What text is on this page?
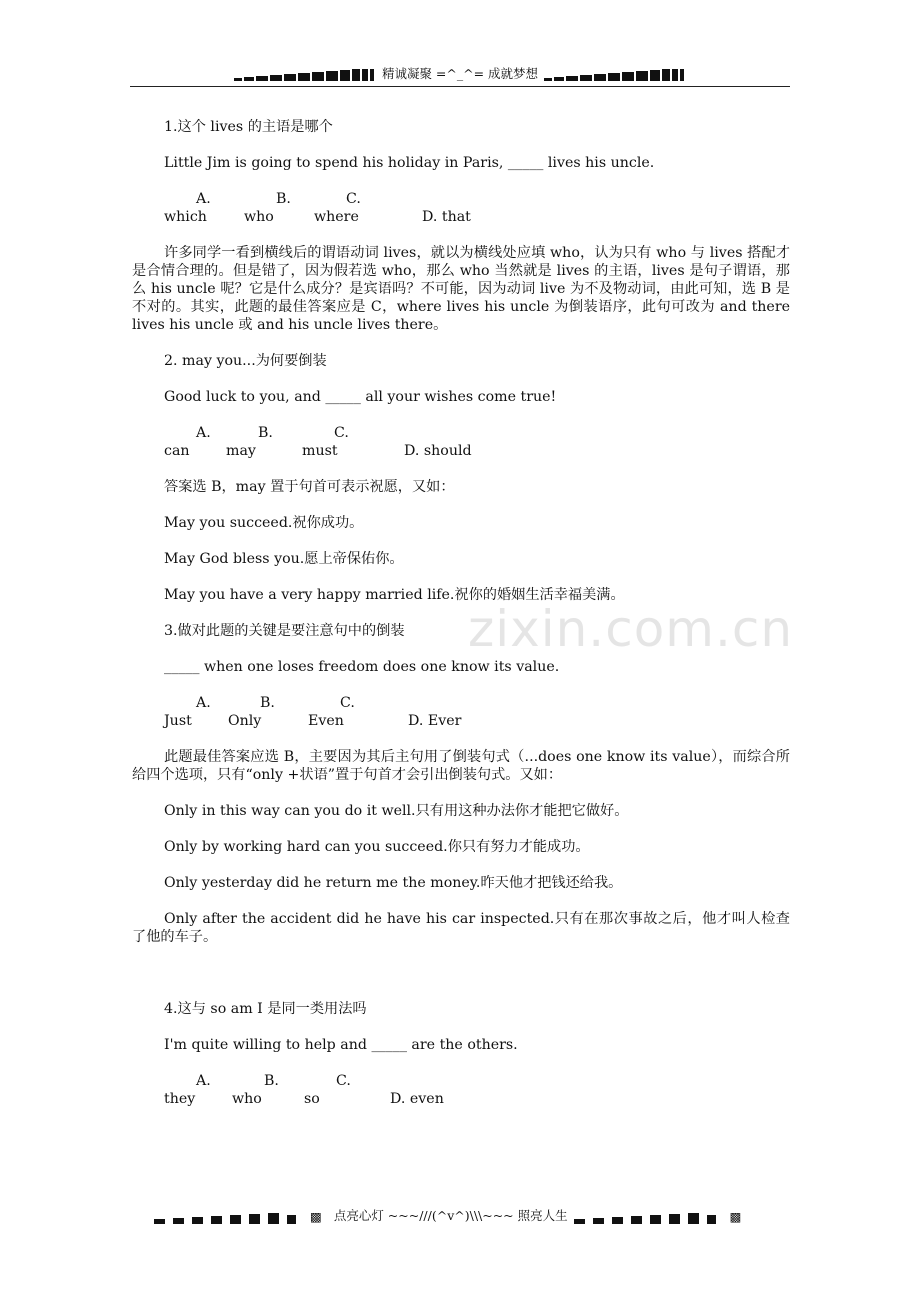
精诚凝聚 =^_^= 成就梦想

1.这个 lives 的主语是哪个

Little Jim is going to spend his holiday in Paris, _____ lives his uncle.

A. whichB. whoC. where	D. that

许多同学一看到横线后的谓语动词 lives，就以为横线处应填 who，认为只有 who 与 lives 搭配才是合情合理的。但是错了，因为假若选 who，那么 who 当然就是 lives 的主语，lives 是句子谓语，那么 his uncle 呢？它是什么成分？是宾语吗？不可能，因为动词 live 为不及物动词，由此可知，选 B 是不对的。其实，此题的最佳答案应是 C，where lives his uncle 为倒装语序，此句可改为 and there lives his uncle 或 and his uncle lives there。

2. may you...为何要倒装

Good luck to you, and _____ all your wishes come true!

A. canB. mayC. must	D. should

答案选 B，may 置于句首可表示祝愿，又如：

May you succeed.祝你成功。

May God bless you.愿上帝保佑你。

May you have a very happy married life.祝你的婚姻生活幸福美满。

3.做对此题的关键是要注意句中的倒装

_____ when one loses freedom does one know its value.

A. JustB. OnlyC. Even	D. Ever

此题最佳答案应选 B，主要因为其后主句用了倒装句式（...does one know its value），而综合所给四个选项，只有“only +状语”置于句首才会引出倒装句式。又如：

Only in this way can you do it well.只有用这种办法你才能把它做好。

Only by working hard can you succeed.你只有努力才能成功。

Only yesterday did he return me the money.昨天他才把钱还给我。

Only after the accident did he have his car inspected.只有在那次事故之后，他才叫人检查了他的车子。

4.这与 so am I 是同一类用法吗

I'm quite willing to help and _____ are the others.

A. theyB. whoC. so	D. even

zixin.com.cn
▩ 点亮心灯 ~~~///(^v^)\\\~~~ 照亮人生	▩
